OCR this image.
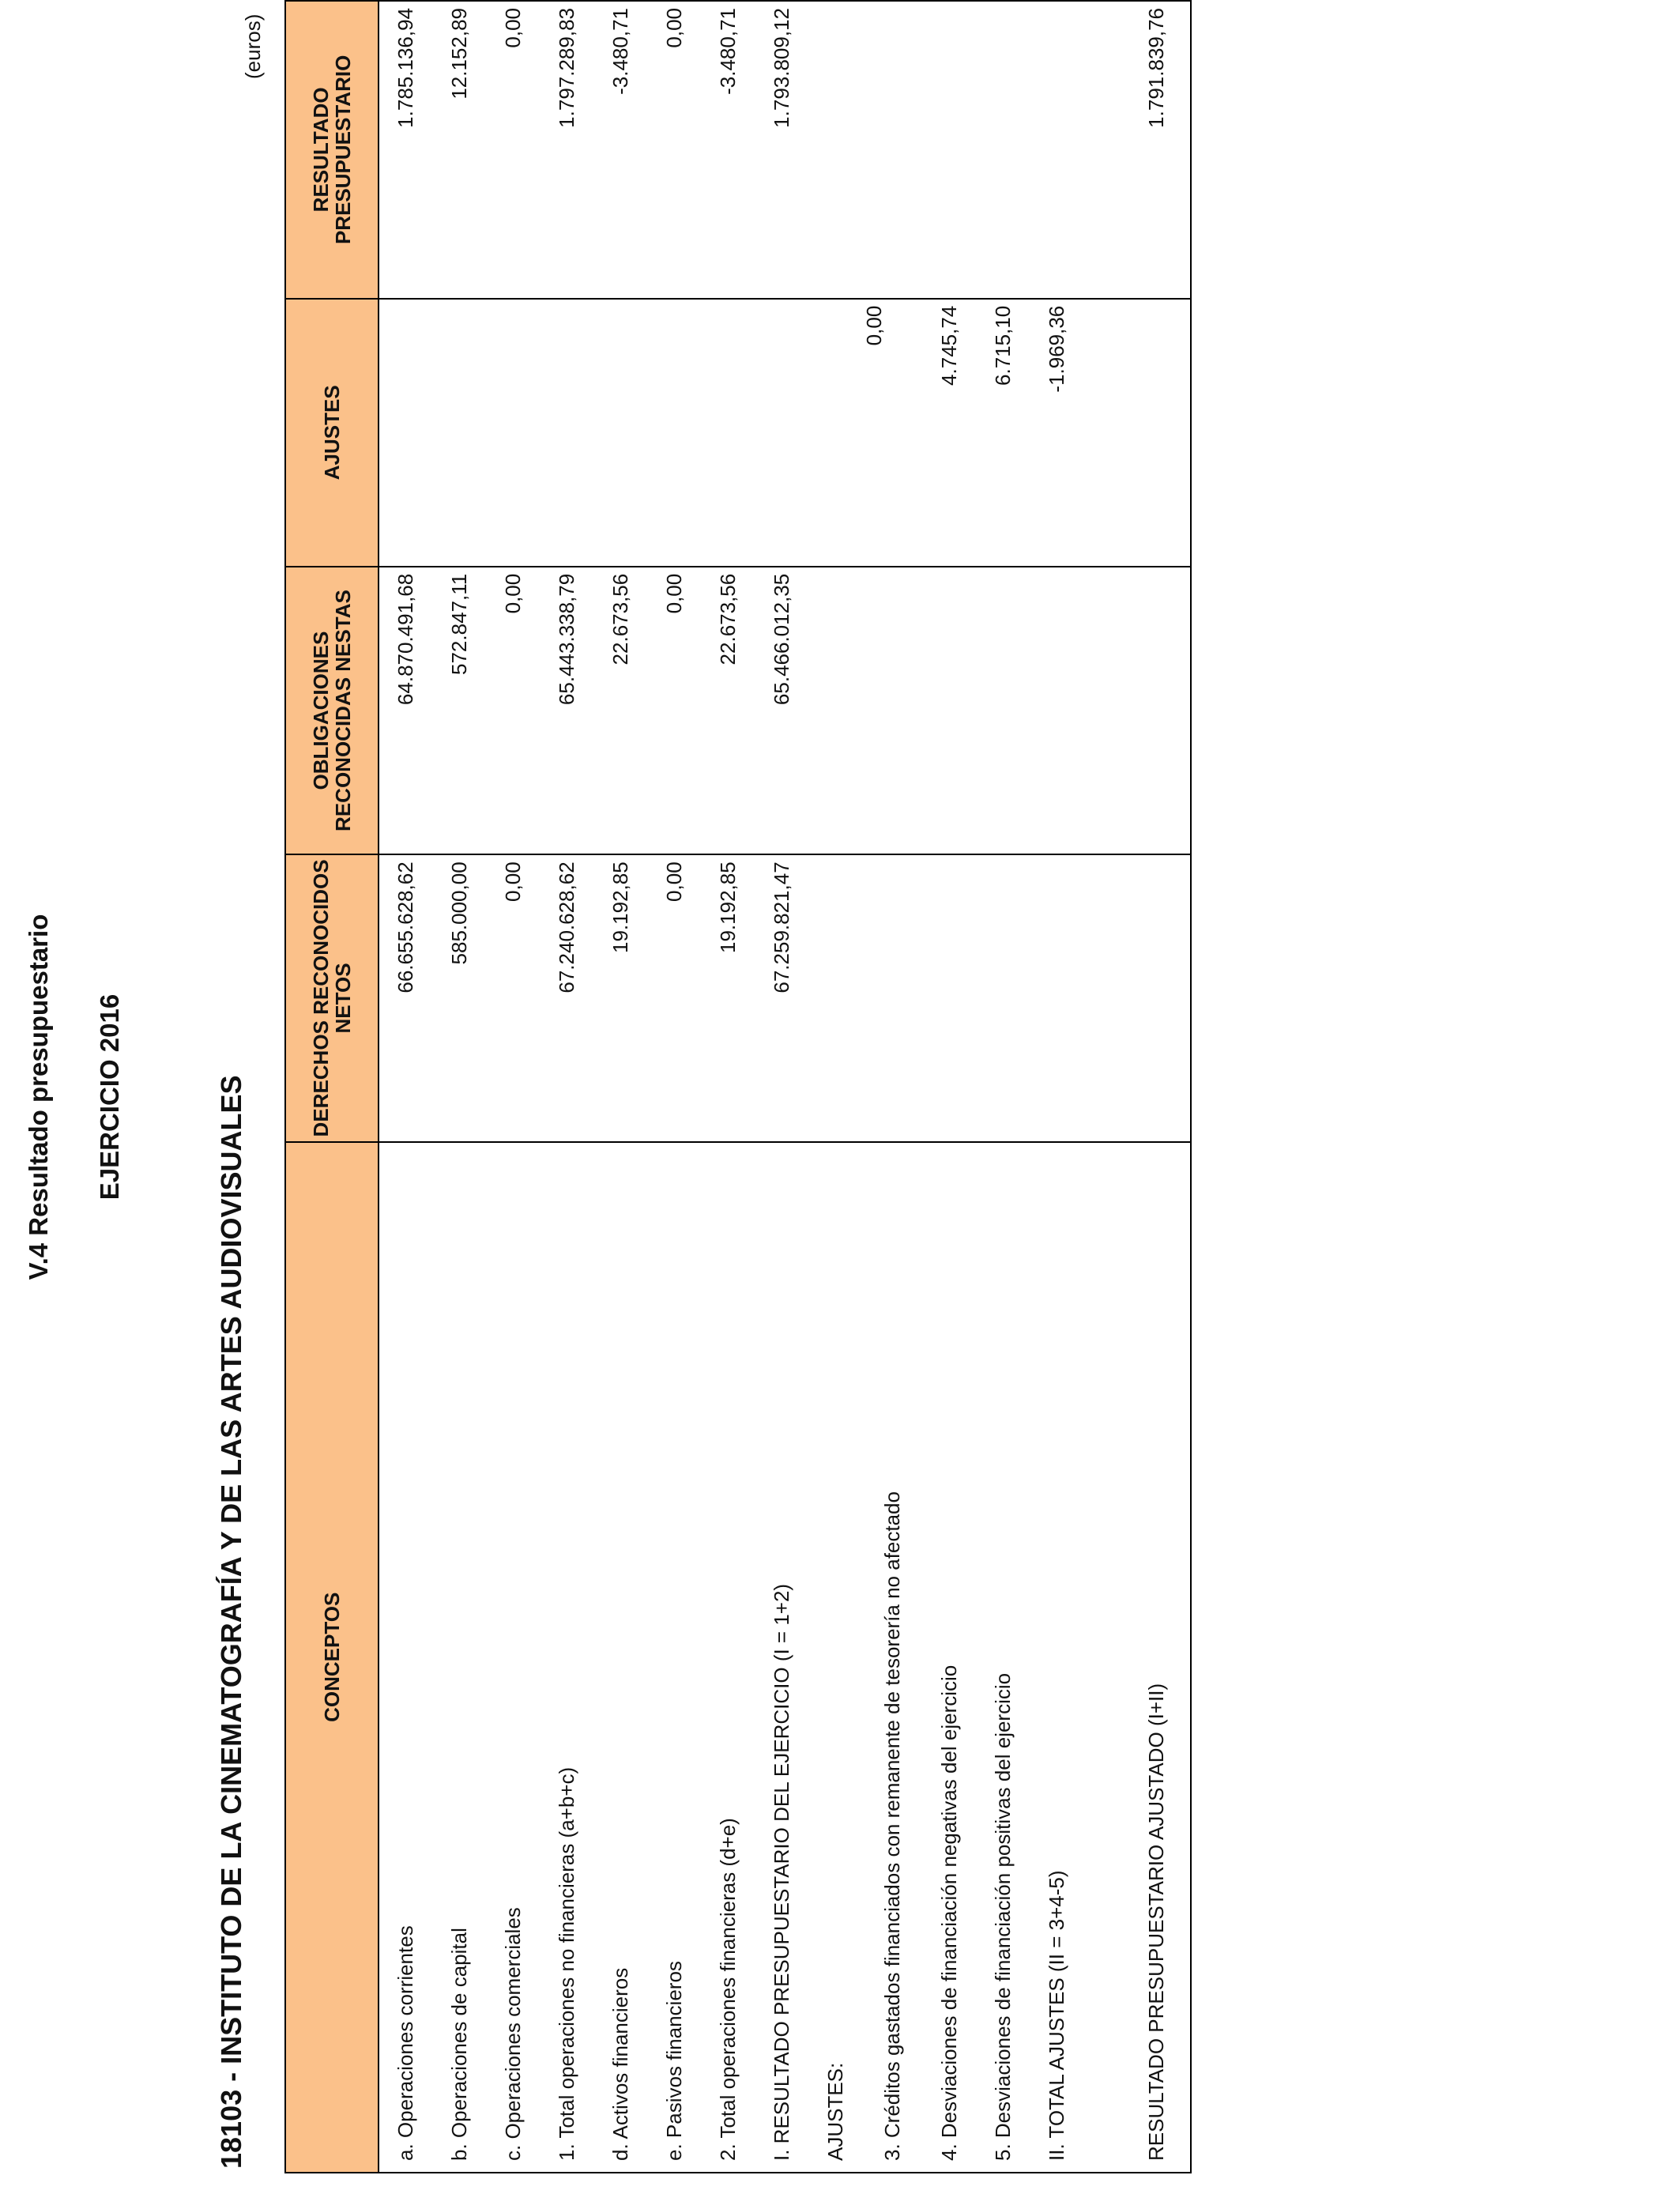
V.4 Resultado presupuestario EJERCICIO 2016	18103 - INSTITUTO DE LA CINEMATOGRAFÍA Y DE LAS ARTES AUDIOVISUALES
(euros)
CONCEPTOS	DERECHOS RECONOCIDOS NETOS	OBLIGACIONES RECONOCIDAS NESTAS	AJUSTES	RESULTADO PRESUPUESTARIO
a. Operaciones corrientes	66.655.628,62	64.870.491,68		1.785.136,94
b. Operaciones de capital	585.000,00	572.847,11		12.152,89
c. Operaciones comerciales	0,00	0,00		0,00
1. Total operaciones no financieras (a+b+c)	67.240.628,62	65.443.338,79		1.797.289,83
d. Activos financieros	19.192,85	22.673,56		-3.480,71
e. Pasivos financieros	0,00	0,00		0,00
2. Total operaciones financieras (d+e)	19.192,85	22.673,56		-3.480,71
I. RESULTADO PRESUPUESTARIO DEL EJERCICIO (I = 1+2)	67.259.821,47	65.466.012,35		1.793.809,12
AJUSTES:				
3. Créditos gastados financiados con remanente de tesorería no afectado			0,00	
4. Desviaciones de financiación negativas del ejercicio			4.745,74	
5. Desviaciones de financiación positivas del ejercicio			6.715,10	
II. TOTAL AJUSTES (II = 3+4-5)			-1.969,36	

RESULTADO PRESUPUESTARIO AJUSTADO (I+II)				1.791.839,76
